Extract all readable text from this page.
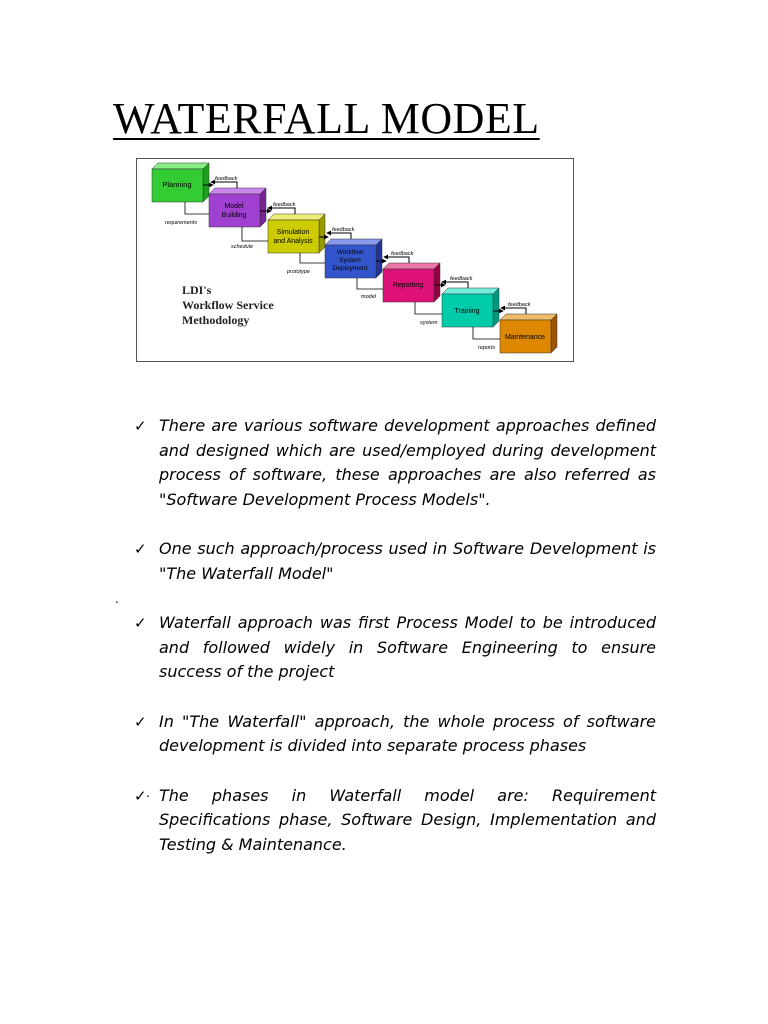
WATERFALL MODEL
Planning
Model
Building
Simulation
and Analysis
Workflow
System
Deployment
Reporting
Training
Maintenance
feedback
feedback
feedback
feedback
feedback
feedback
requirements
schedule
prototype
model
system
reports
LDI's
Workflow Service
Methodology
✓ There are various software development approaches defined and designed which are used/employed during development process of software, these approaches are also referred as "Software Development Process Models".
✓ One such approach/process used in Software Development is "The Waterfall Model"
✓ Waterfall approach was first Process Model to be introduced and followed widely in Software Engineering to ensure success of the project
✓ In "The Waterfall" approach, the whole process of software development is divided into separate process phases
✓ The phases in Waterfall model are: Requirement Specifications phase, Software Design, Implementation and Testing & Maintenance.
.
.
